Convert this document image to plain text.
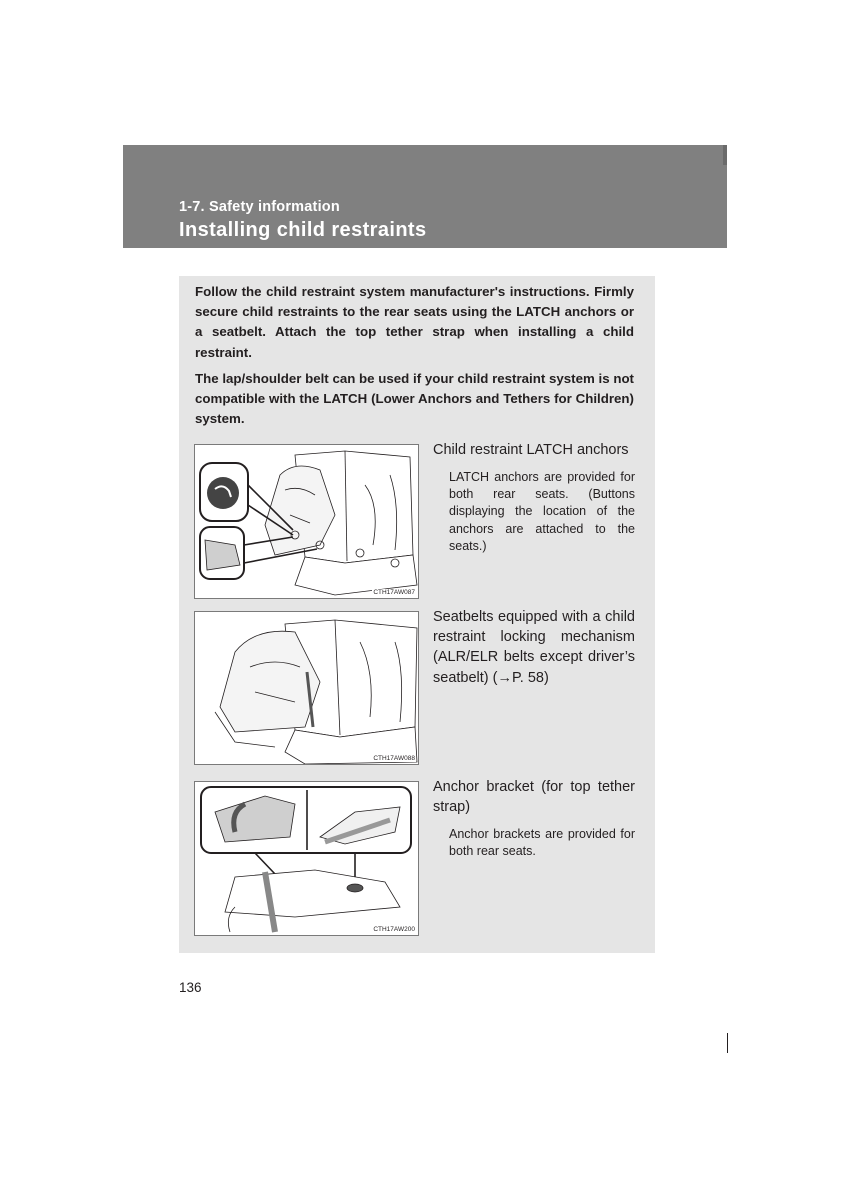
1-7. Safety information
Installing child restraints

Follow the child restraint system manufacturer's instructions. Firmly secure child restraints to the rear seats using the LATCH anchors or a seatbelt. Attach the top tether strap when installing a child restraint.

The lap/shoulder belt can be used if your child restraint system is not compatible with the LATCH (Lower Anchors and Tethers for Children) system.

CTH17AW087

Child restraint LATCH anchors

LATCH anchors are provided for both rear seats. (Buttons displaying the location of the anchors are attached to the seats.)

CTH17AW088

Seatbelts equipped with a child restraint locking mechanism (ALR/ELR belts except driver’s seatbelt) (→P. 58)

CTH17AW200

Anchor bracket (for top tether strap)

Anchor brackets are provided for both rear seats.

136
